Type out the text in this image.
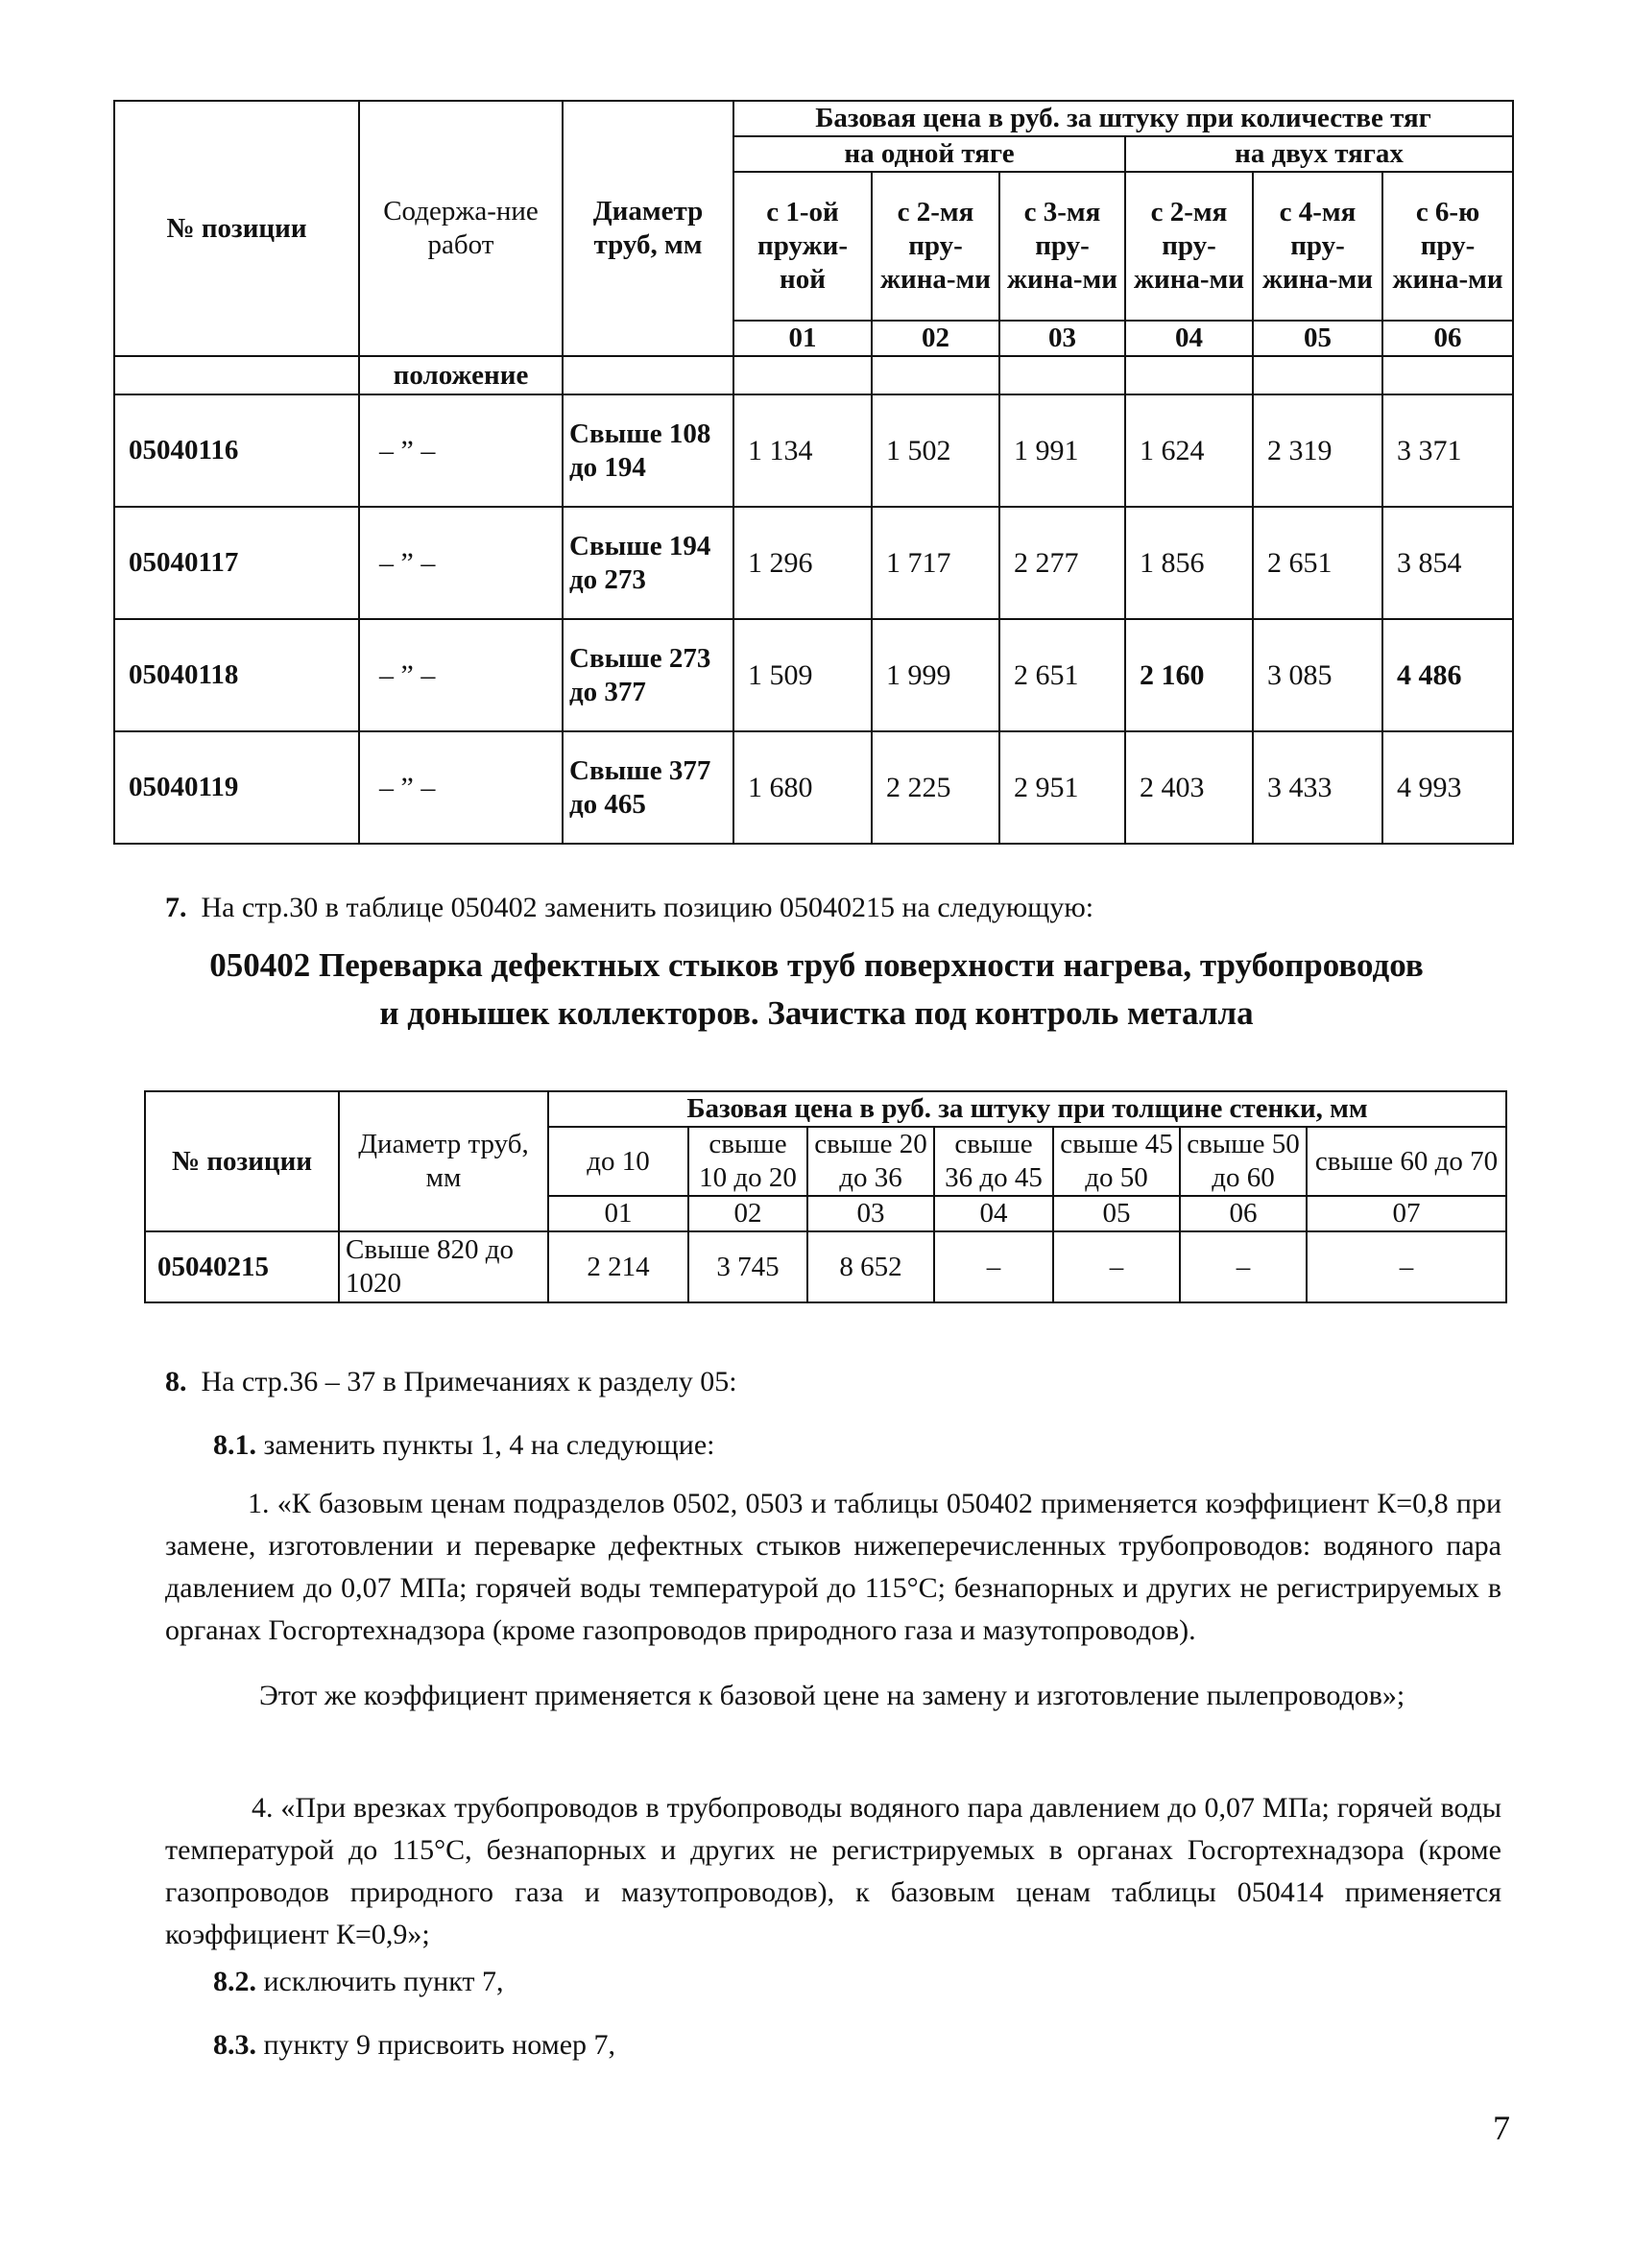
№ позиции	Содержа-ние работ	Диаметр труб, мм	Базовая цена в руб. за штуку при количестве тяг					
			на одной тяге			на двух тягах		
			с 1-ой пружи-ной	с 2-мя пру-жина-ми	с 3-мя пру-жина-ми	с 2-мя пру-жина-ми	с 4-мя пру-жина-ми	с 6-ю пру-жина-ми
			01	02	03	04	05	06
	положение							
05040116	– ” –	Свыше 108 до 194	1 134	1 502	1 991	1 624	2 319	3 371
05040117	– ” –	Свыше 194 до 273	1 296	1 717	2 277	1 856	2 651	3 854
05040118	– ” –	Свыше 273 до 377	1 509	1 999	2 651	2 160	3 085	4 486
05040119	– ” –	Свыше 377 до 465	1 680	2 225	2 951	2 403	3 433	4 993
7. На стр.30 в таблице 050402 заменить позицию 05040215 на следующую:
050402 Переварка дефектных стыков труб поверхности нагрева, трубопроводов
и донышек коллекторов. Зачистка под контроль металла
№ позиции	Диаметр труб, мм	Базовая цена в руб. за штуку при толщине стенки, мм						
		до 10	свыше 10 до 20	свыше 20 до 36	свыше 36 до 45	свыше 45 до 50	свыше 50 до 60	свыше 60 до 70
		01	02	03	04	05	06	07
05040215	Свыше 820 до 1020	2 214	3 745	8 652	–	–	–	–
8. На стр.36 – 37 в Примечаниях к разделу 05:
8.1. заменить пункты 1, 4 на следующие:
1. «К базовым ценам подразделов 0502, 0503 и таблицы 050402 применяется коэффициент К=0,8 при замене, изготовлении и переварке дефектных стыков нижеперечисленных трубопроводов: водяного пара давлением до 0,07 МПа; горячей воды температурой до 115°С; безнапорных и других не регистрируемых в органах Госгортехнадзора (кроме газопроводов природного газа и мазутопроводов).
Этот же коэффициент применяется к базовой цене на замену и изготовление пылепроводов»;
4. «При врезках трубопроводов в трубопроводы водяного пара давлением до 0,07 МПа; горячей воды температурой до 115°С, безнапорных и других не регистрируемых в органах Госгортехнадзора (кроме газопроводов природного газа и мазутопроводов), к базовым ценам таблицы 050414 применяется коэффициент К=0,9»;
8.2. исключить пункт 7,
8.3. пункту 9 присвоить номер 7,
7
